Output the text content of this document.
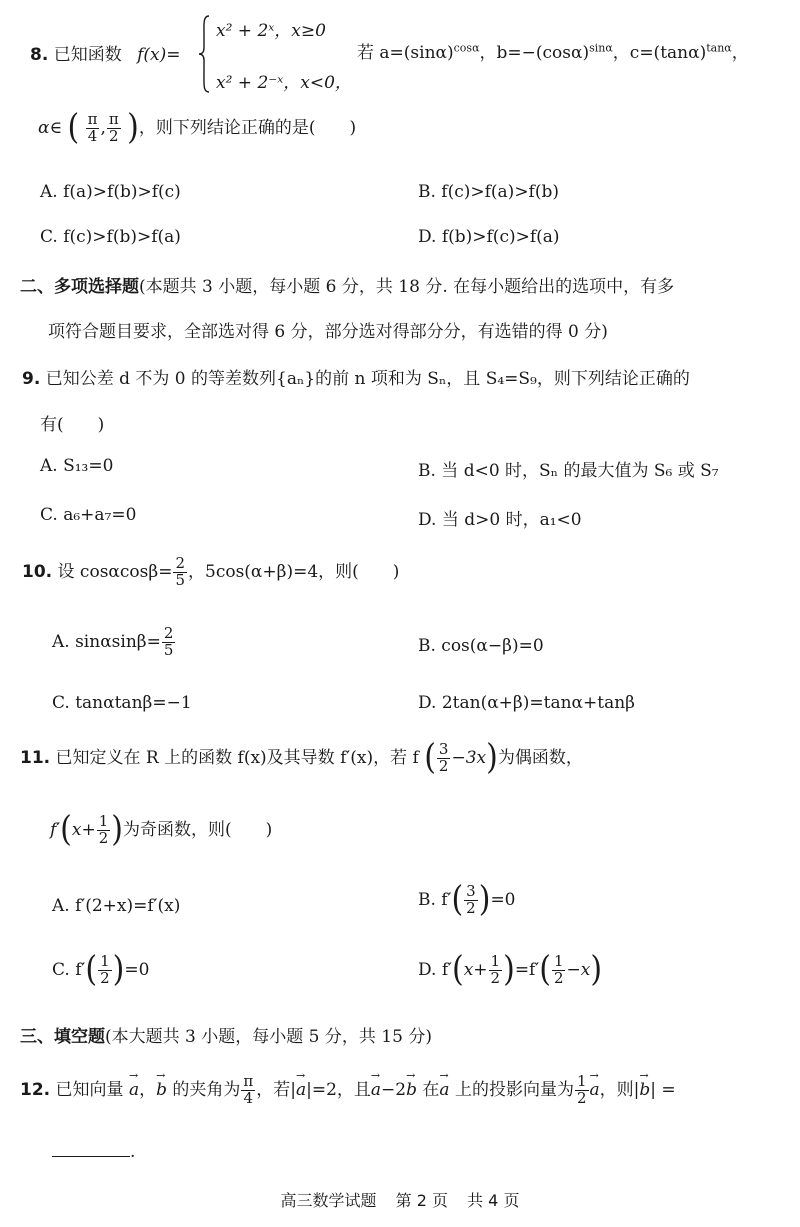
8. 已知函数 f(x)=
x² + 2ˣ，x≥0
x² + 2⁻ˣ，x<0，
若 $a=(\sin\alpha)^{cos\alpha}$，$b=-(\cos\alpha)^{sin\alpha}$，$c=(\tan\alpha)^{tan\alpha}$，
α∈ ( $\frac{\pi}{4}$ , $\frac{\pi}{2}$ )，则下列结论正确的是(　　)
A. f(a)>f(b)>f(c)	B. f(c)>f(a)>f(b)
C. f(c)>f(b)>f(a)	D. f(b)>f(c)>f(a)
二、多项选择题(本题共 3 小题，每小题 6 分，共 18 分. 在每小题给出的选项中，有多
项符合题目要求，全部选对得 6 分，部分选对得部分分，有选错的得 0 分)
9. 已知公差 d 不为 0 的等差数列{aₙ}的前 n 项和为 Sₙ，且 S₄=S₉，则下列结论正确的
有(　　)
A. S₁₃=0	B. 当 d<0 时，Sₙ 的最大值为 S₆ 或 S₇
C. a₆+a₇=0	D. 当 d>0 时，a₁<0
10. 设 $\cos\alpha\cos\beta= \frac{2}{5}$ ，5cos(α+β)=4，则(　　)
A. $\sin\alpha\sin\beta= \frac{2}{5}$	B. cos(α−β)=0
C. tanαtanβ=−1	D. 2tan(α+β)=tanα+tanβ
11. 已知定义在 R 上的函数 f(x)及其导数 f′(x)，若 f ( $\frac{3}{2} -3x$)为偶函数，
$f'(x+ \frac{1}{2}$ )为奇函数，则(　　)
A. f′(2+x)=f′(x)	B. $f'( \frac{3}{2} )=0$
C. $f'( \frac{1}{2} )=0$	D. $f'(x+ \frac{1}{2} )=f'( \frac{1}{2} -x)$
三、填空题(本大题共 3 小题，每小题 5 分，共 15 分)
12. 已知向量 → a，→ b 的夹角为 $\frac{\pi}{4}$ ，若|→ a|=2，且→ a−2→ b 在→ a 上的投影向量为 $\frac{1}{2}$
→ a，则|→ b| =
.
高三数学试题 第 2 页 共 4 页
